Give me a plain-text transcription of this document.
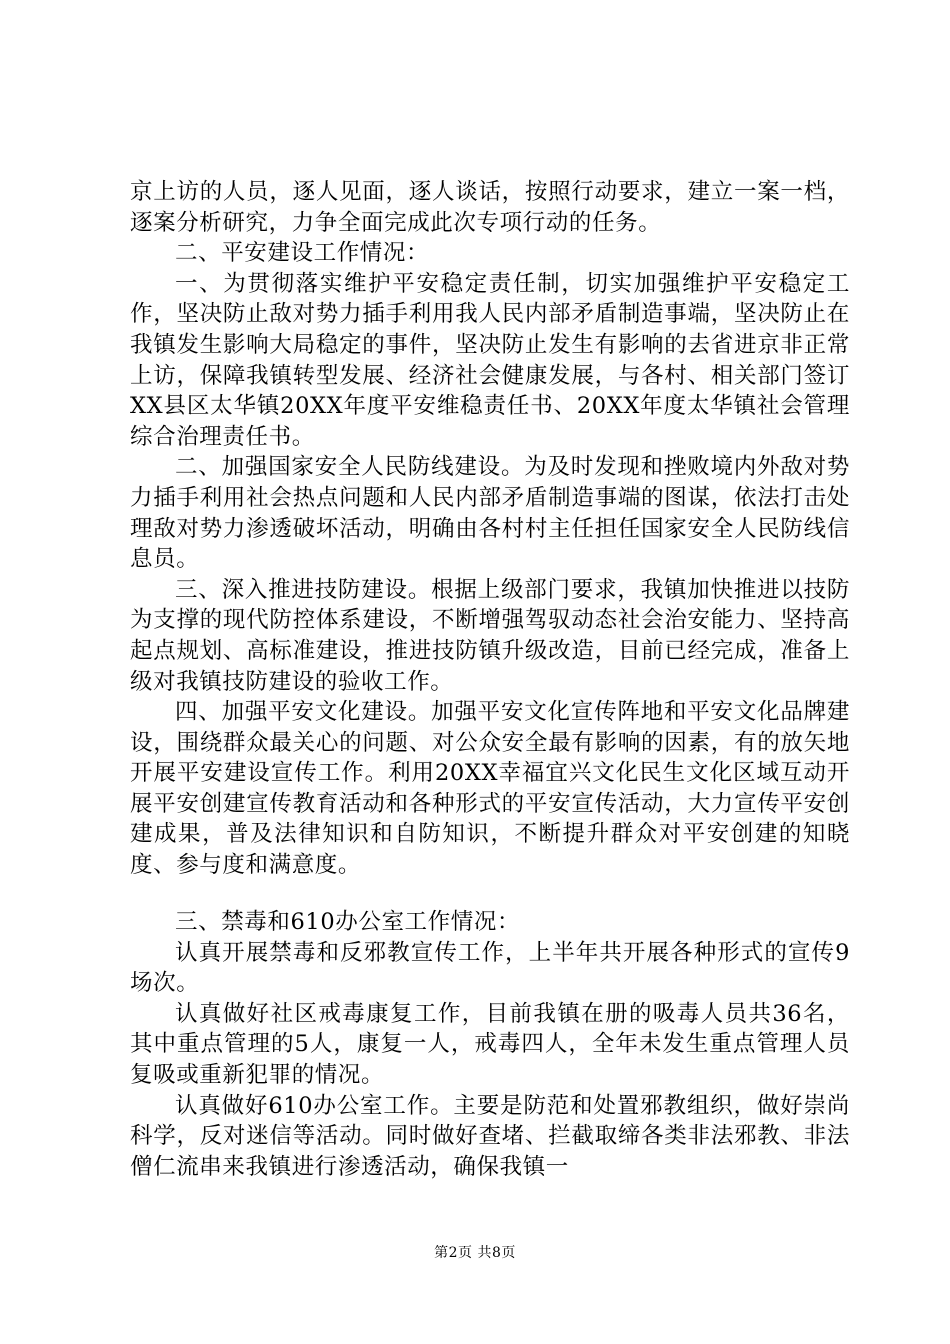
京上访的人员，逐人见面，逐人谈话，按照行动要求，建立一案一档，逐案分析研究，力争全面完成此次专项行动的任务。

二、平安建设工作情况：

一、为贯彻落实维护平安稳定责任制，切实加强维护平安稳定工作，坚决防止敌对势力插手利用我人民内部矛盾制造事端，坚决防止在我镇发生影响大局稳定的事件，坚决防止发生有影响的去省进京非正常上访，保障我镇转型发展、经济社会健康发展，与各村、相关部门签订XX县区太华镇20XX年度平安维稳责任书、20XX年度太华镇社会管理综合治理责任书。

二、加强国家安全人民防线建设。为及时发现和挫败境内外敌对势力插手利用社会热点问题和人民内部矛盾制造事端的图谋，依法打击处理敌对势力渗透破坏活动，明确由各村村主任担任国家安全人民防线信息员。

三、深入推进技防建设。根据上级部门要求，我镇加快推进以技防为支撑的现代防控体系建设，不断增强驾驭动态社会治安能力、坚持高起点规划、高标准建设，推进技防镇升级改造，目前已经完成，准备上级对我镇技防建设的验收工作。

四、加强平安文化建设。加强平安文化宣传阵地和平安文化品牌建设，围绕群众最关心的问题、对公众安全最有影响的因素，有的放矢地开展平安建设宣传工作。利用20XX幸福宜兴文化民生文化区域互动开展平安创建宣传教育活动和各种形式的平安宣传活动，大力宣传平安创建成果，普及法律知识和自防知识，不断提升群众对平安创建的知晓度、参与度和满意度。

三、禁毒和610办公室工作情况：

认真开展禁毒和反邪教宣传工作，上半年共开展各种形式的宣传9场次。

认真做好社区戒毒康复工作，目前我镇在册的吸毒人员共36名，其中重点管理的5人，康复一人，戒毒四人，全年未发生重点管理人员复吸或重新犯罪的情况。

认真做好610办公室工作。主要是防范和处置邪教组织，做好崇尚科学，反对迷信等活动。同时做好查堵、拦截取缔各类非法邪教、非法僧仁流串来我镇进行渗透活动，确保我镇一

第2页 共8页
